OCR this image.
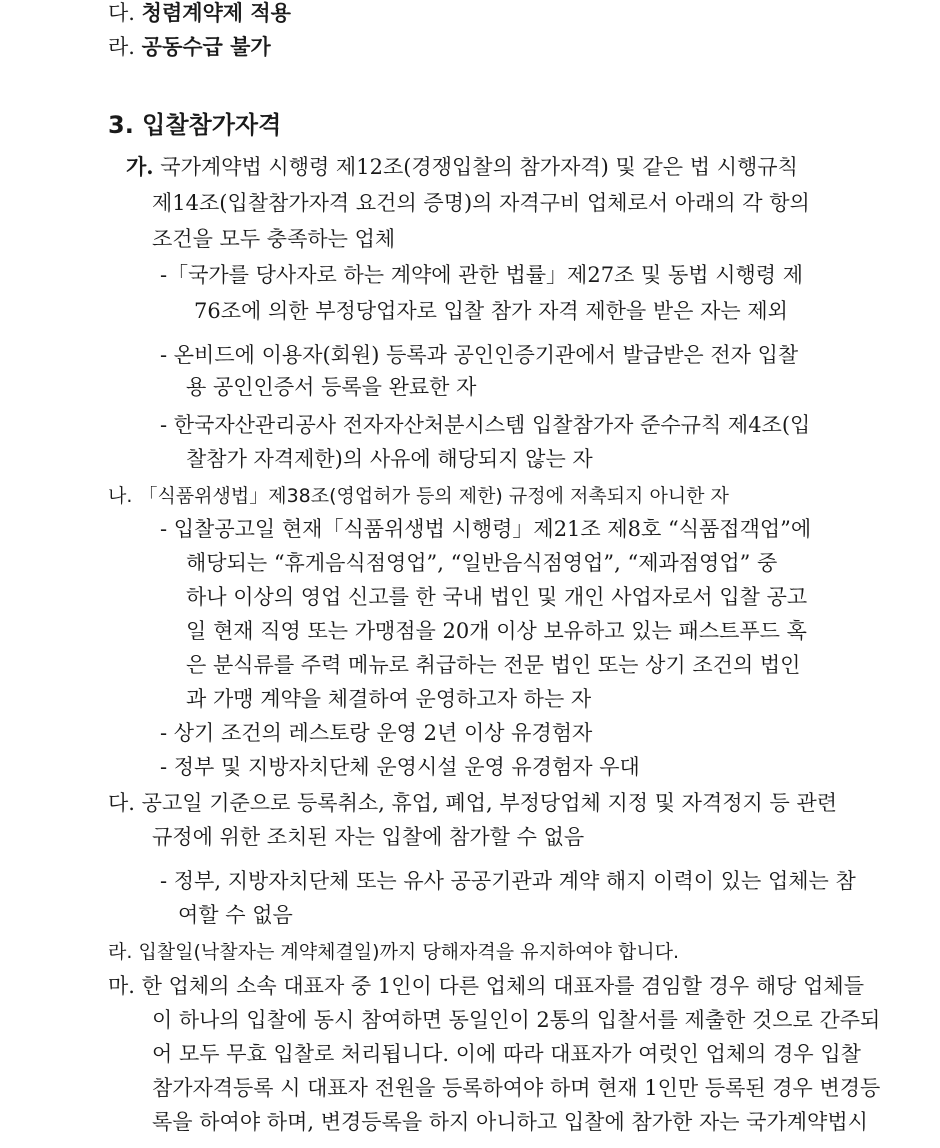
다. 청렴계약제 적용
라. 공동수급 불가
3. 입찰참가자격
가. 국가계약법 시행령 제12조(경쟁입찰의 참가자격) 및 같은 법 시행규칙
제14조(입찰참가자격 요건의 증명)의 자격구비 업체로서 아래의 각 항의
조건을 모두 충족하는 업체
-「국가를 당사자로 하는 계약에 관한 법률」제27조 및 동법 시행령 제
76조에 의한 부정당업자로 입찰 참가 자격 제한을 받은 자는 제외
- 온비드에 이용자(회원) 등록과 공인인증기관에서 발급받은 전자 입찰
용 공인인증서 등록을 완료한 자
- 한국자산관리공사 전자자산처분시스템 입찰참가자 준수규칙 제4조(입
찰참가 자격제한)의 사유에 해당되지 않는 자
나. 「식품위생법」제38조(영업허가 등의 제한) 규정에 저촉되지 아니한 자
- 입찰공고일 현재「식품위생법 시행령」제21조 제8호 “식품접객업”에
해당되는 “휴게음식점영업”, “일반음식점영업”, “제과점영업” 중
하나 이상의 영업 신고를 한 국내 법인 및 개인 사업자로서 입찰 공고
일 현재 직영 또는 가맹점을 20개 이상 보유하고 있는 패스트푸드 혹
은 분식류를 주력 메뉴로 취급하는 전문 법인 또는 상기 조건의 법인
과 가맹 계약을 체결하여 운영하고자 하는 자
- 상기 조건의 레스토랑 운영 2년 이상 유경험자
- 정부 및 지방자치단체 운영시설 운영 유경험자 우대
다. 공고일 기준으로 등록취소, 휴업, 폐업, 부정당업체 지정 및 자격정지 등 관련
규정에 위한 조치된 자는 입찰에 참가할 수 없음
- 정부, 지방자치단체 또는 유사 공공기관과 계약 해지 이력이 있는 업체는 참
여할 수 없음
라. 입찰일(낙찰자는 계약체결일)까지 당해자격을 유지하여야 합니다.
마. 한 업체의 소속 대표자 중 1인이 다른 업체의 대표자를 겸임할 경우 해당 업체들
이 하나의 입찰에 동시 참여하면 동일인이 2통의 입찰서를 제출한 것으로 간주되
어 모두 무효 입찰로 처리됩니다. 이에 따라 대표자가 여럿인 업체의 경우 입찰
참가자격등록 시 대표자 전원을 등록하여야 하며 현재 1인만 등록된 경우 변경등
록을 하여야 하며, 변경등록을 하지 아니하고 입찰에 참가한 자는 국가계약법시
